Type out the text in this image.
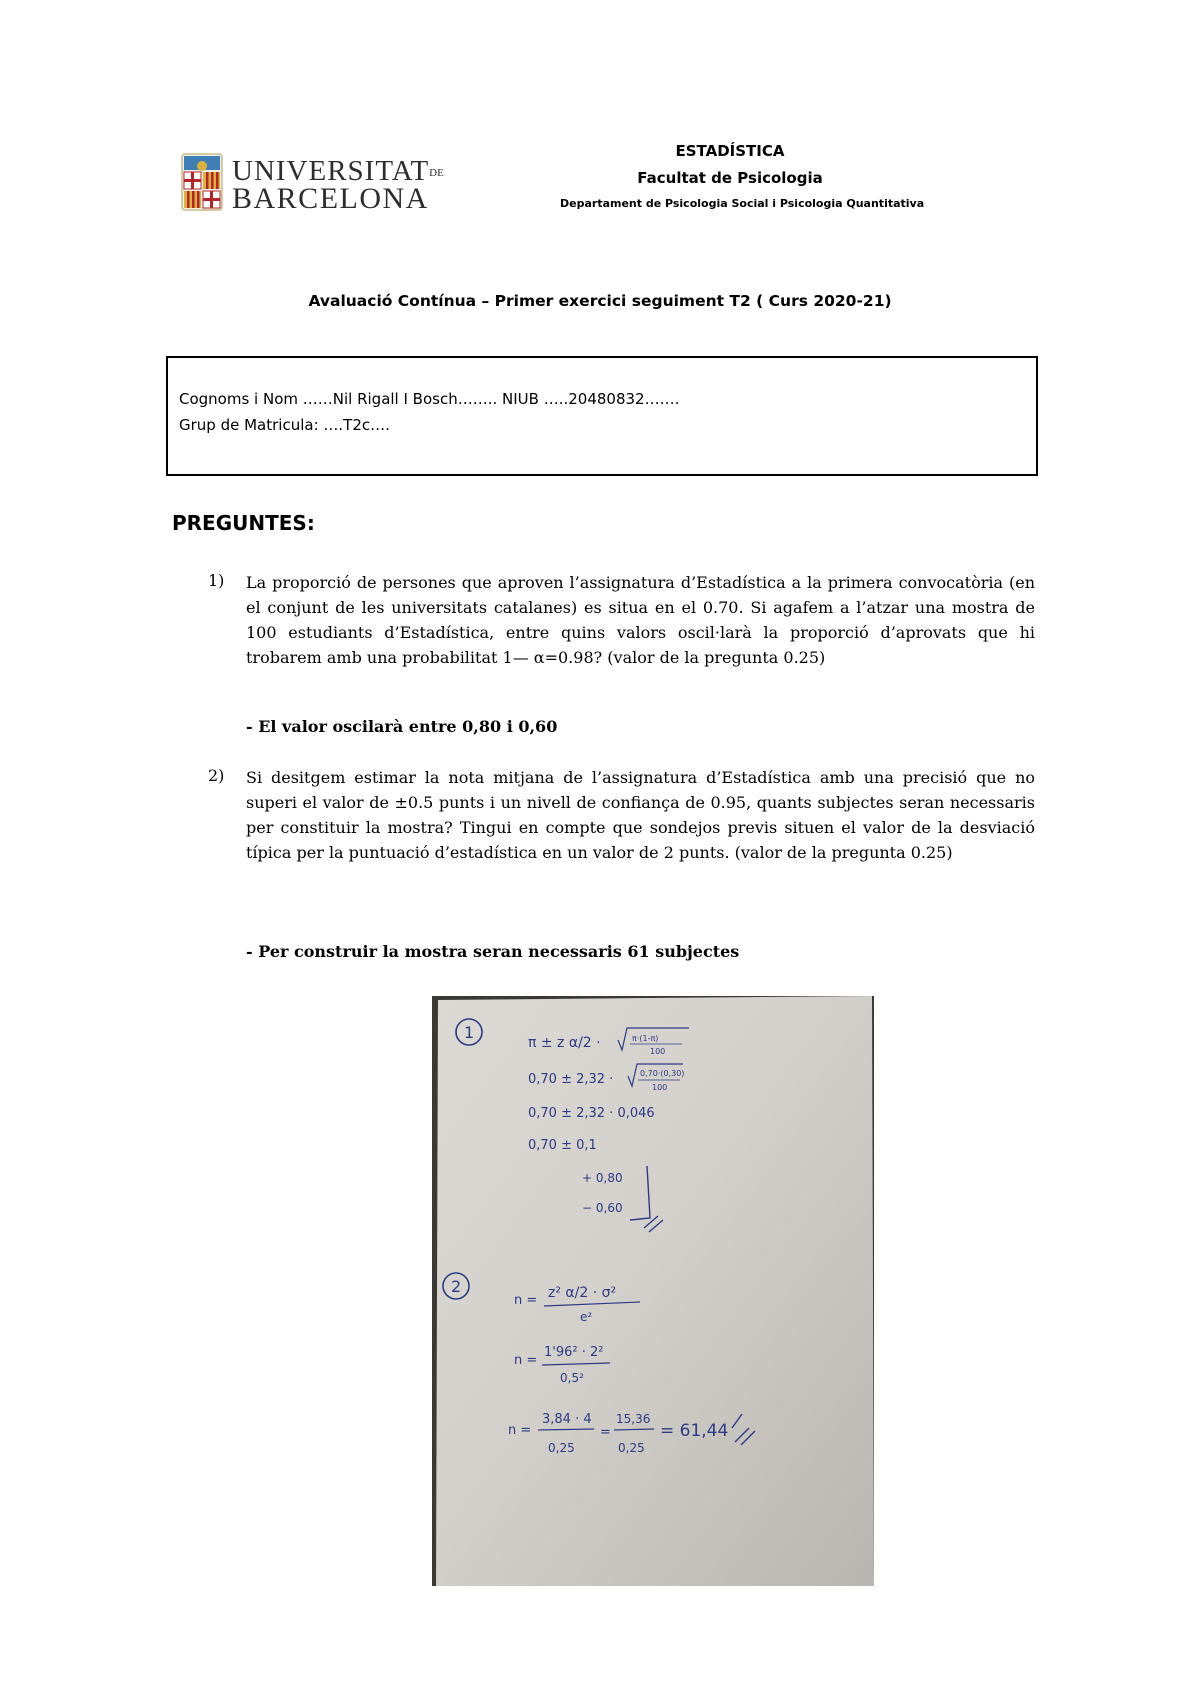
UNIVERSITATDE
BARCELONA
ESTADÍSTICA
Facultat de Psicologia
Departament de Psicologia Social i Psicologia Quantitativa
Avaluació Contínua – Primer exercici seguiment T2 ( Curs 2020-21)
Cognoms i Nom ……Nil Rigall I Bosch…….. NIUB …..20480832…….
Grup de Matricula: ….T2c….
PREGUNTES:
1) La proporció de persones que aproven l’assignatura d’Estadística a la primera convocatòria (en el conjunt de les universitats catalanes) es situa en el 0.70. Si agafem a l’atzar una mostra de 100 estudiants d’Estadística, entre quins valors oscil·larà la proporció d’aprovats que hi trobarem amb una probabilitat 1— α=0.98? (valor de la pregunta 0.25)
- El valor oscilarà entre 0,80 i 0,60
2) Si desitgem estimar la nota mitjana de l’assignatura d’Estadística amb una precisió que no superi el valor de ±0.5 punts i un nivell de confiança de 0.95, quants subjectes seran necessaris per constituir la mostra? Tingui en compte que sondejos previs situen el valor de la desviació típica per la puntuació d’estadística en un valor de 2 punts. (valor de la pregunta 0.25)
- Per construir la mostra seran necessaris 61 subjectes
1
π ± z α/2 ·	π·(1-π)
100
0,70 ± 2,32 ·	0,70·(0,30)
100
0,70 ± 2,32 · 0,046
0,70 ± 0,1
+ 0,80
− 0,60
2
n = z² α/2 · σ²
e²
n =
1'96² · 2²
0,5²
n =
3,84 · 4
0,25
=
15,36
0,25
= 61,44
